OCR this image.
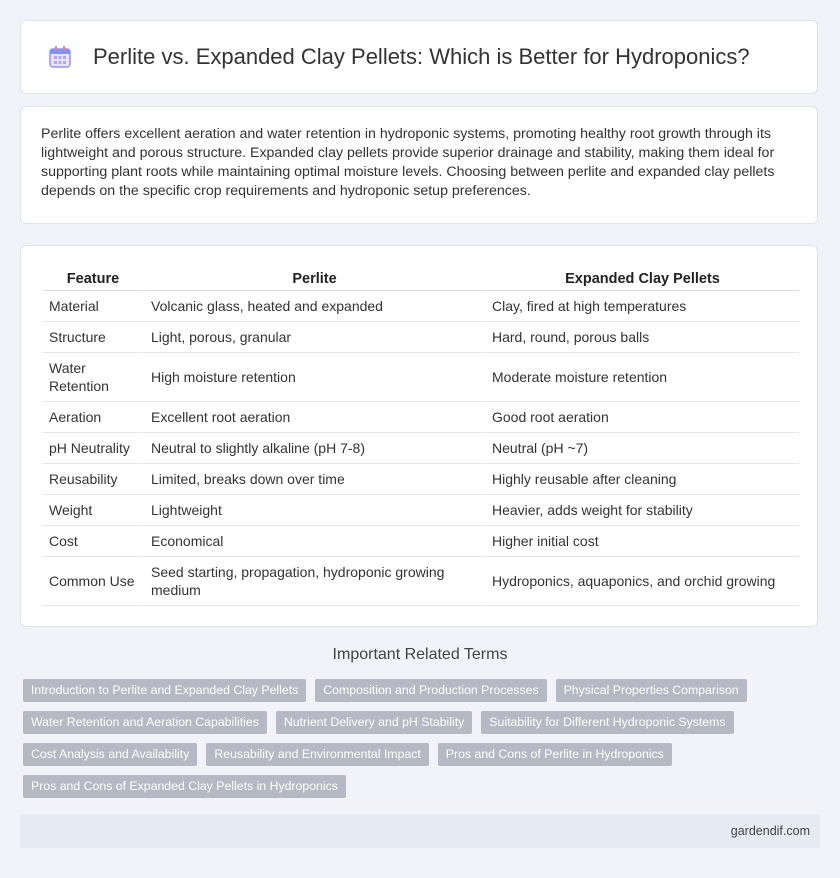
Perlite vs. Expanded Clay Pellets: Which is Better for Hydroponics?

Perlite offers excellent aeration and water retention in hydroponic systems, promoting healthy root growth through its lightweight and porous structure. Expanded clay pellets provide superior drainage and stability, making them ideal for supporting plant roots while maintaining optimal moisture levels. Choosing between perlite and expanded clay pellets depends on the specific crop requirements and hydroponic setup preferences.

Feature	Perlite	Expanded Clay Pellets
Material	Volcanic glass, heated and expanded	Clay, fired at high temperatures
Structure	Light, porous, granular	Hard, round, porous balls
Water Retention	High moisture retention	Moderate moisture retention
Aeration	Excellent root aeration	Good root aeration
pH Neutrality	Neutral to slightly alkaline (pH 7-8)	Neutral (pH ~7)
Reusability	Limited, breaks down over time	Highly reusable after cleaning
Weight	Lightweight	Heavier, adds weight for stability
Cost	Economical	Higher initial cost
Common Use	Seed starting, propagation, hydroponic growing medium	Hydroponics, aquaponics, and orchid growing
Important Related Terms
Introduction to Perlite and Expanded Clay Pellets	Composition and Production Processes	Physical Properties Comparison
Water Retention and Aeration Capabilities	Nutrient Delivery and pH Stability	Suitability for Different Hydroponic Systems
Cost Analysis and Availability	Reusability and Environmental Impact	Pros and Cons of Perlite in Hydroponics
Pros and Cons of Expanded Clay Pellets in Hydroponics
gardendif.com
